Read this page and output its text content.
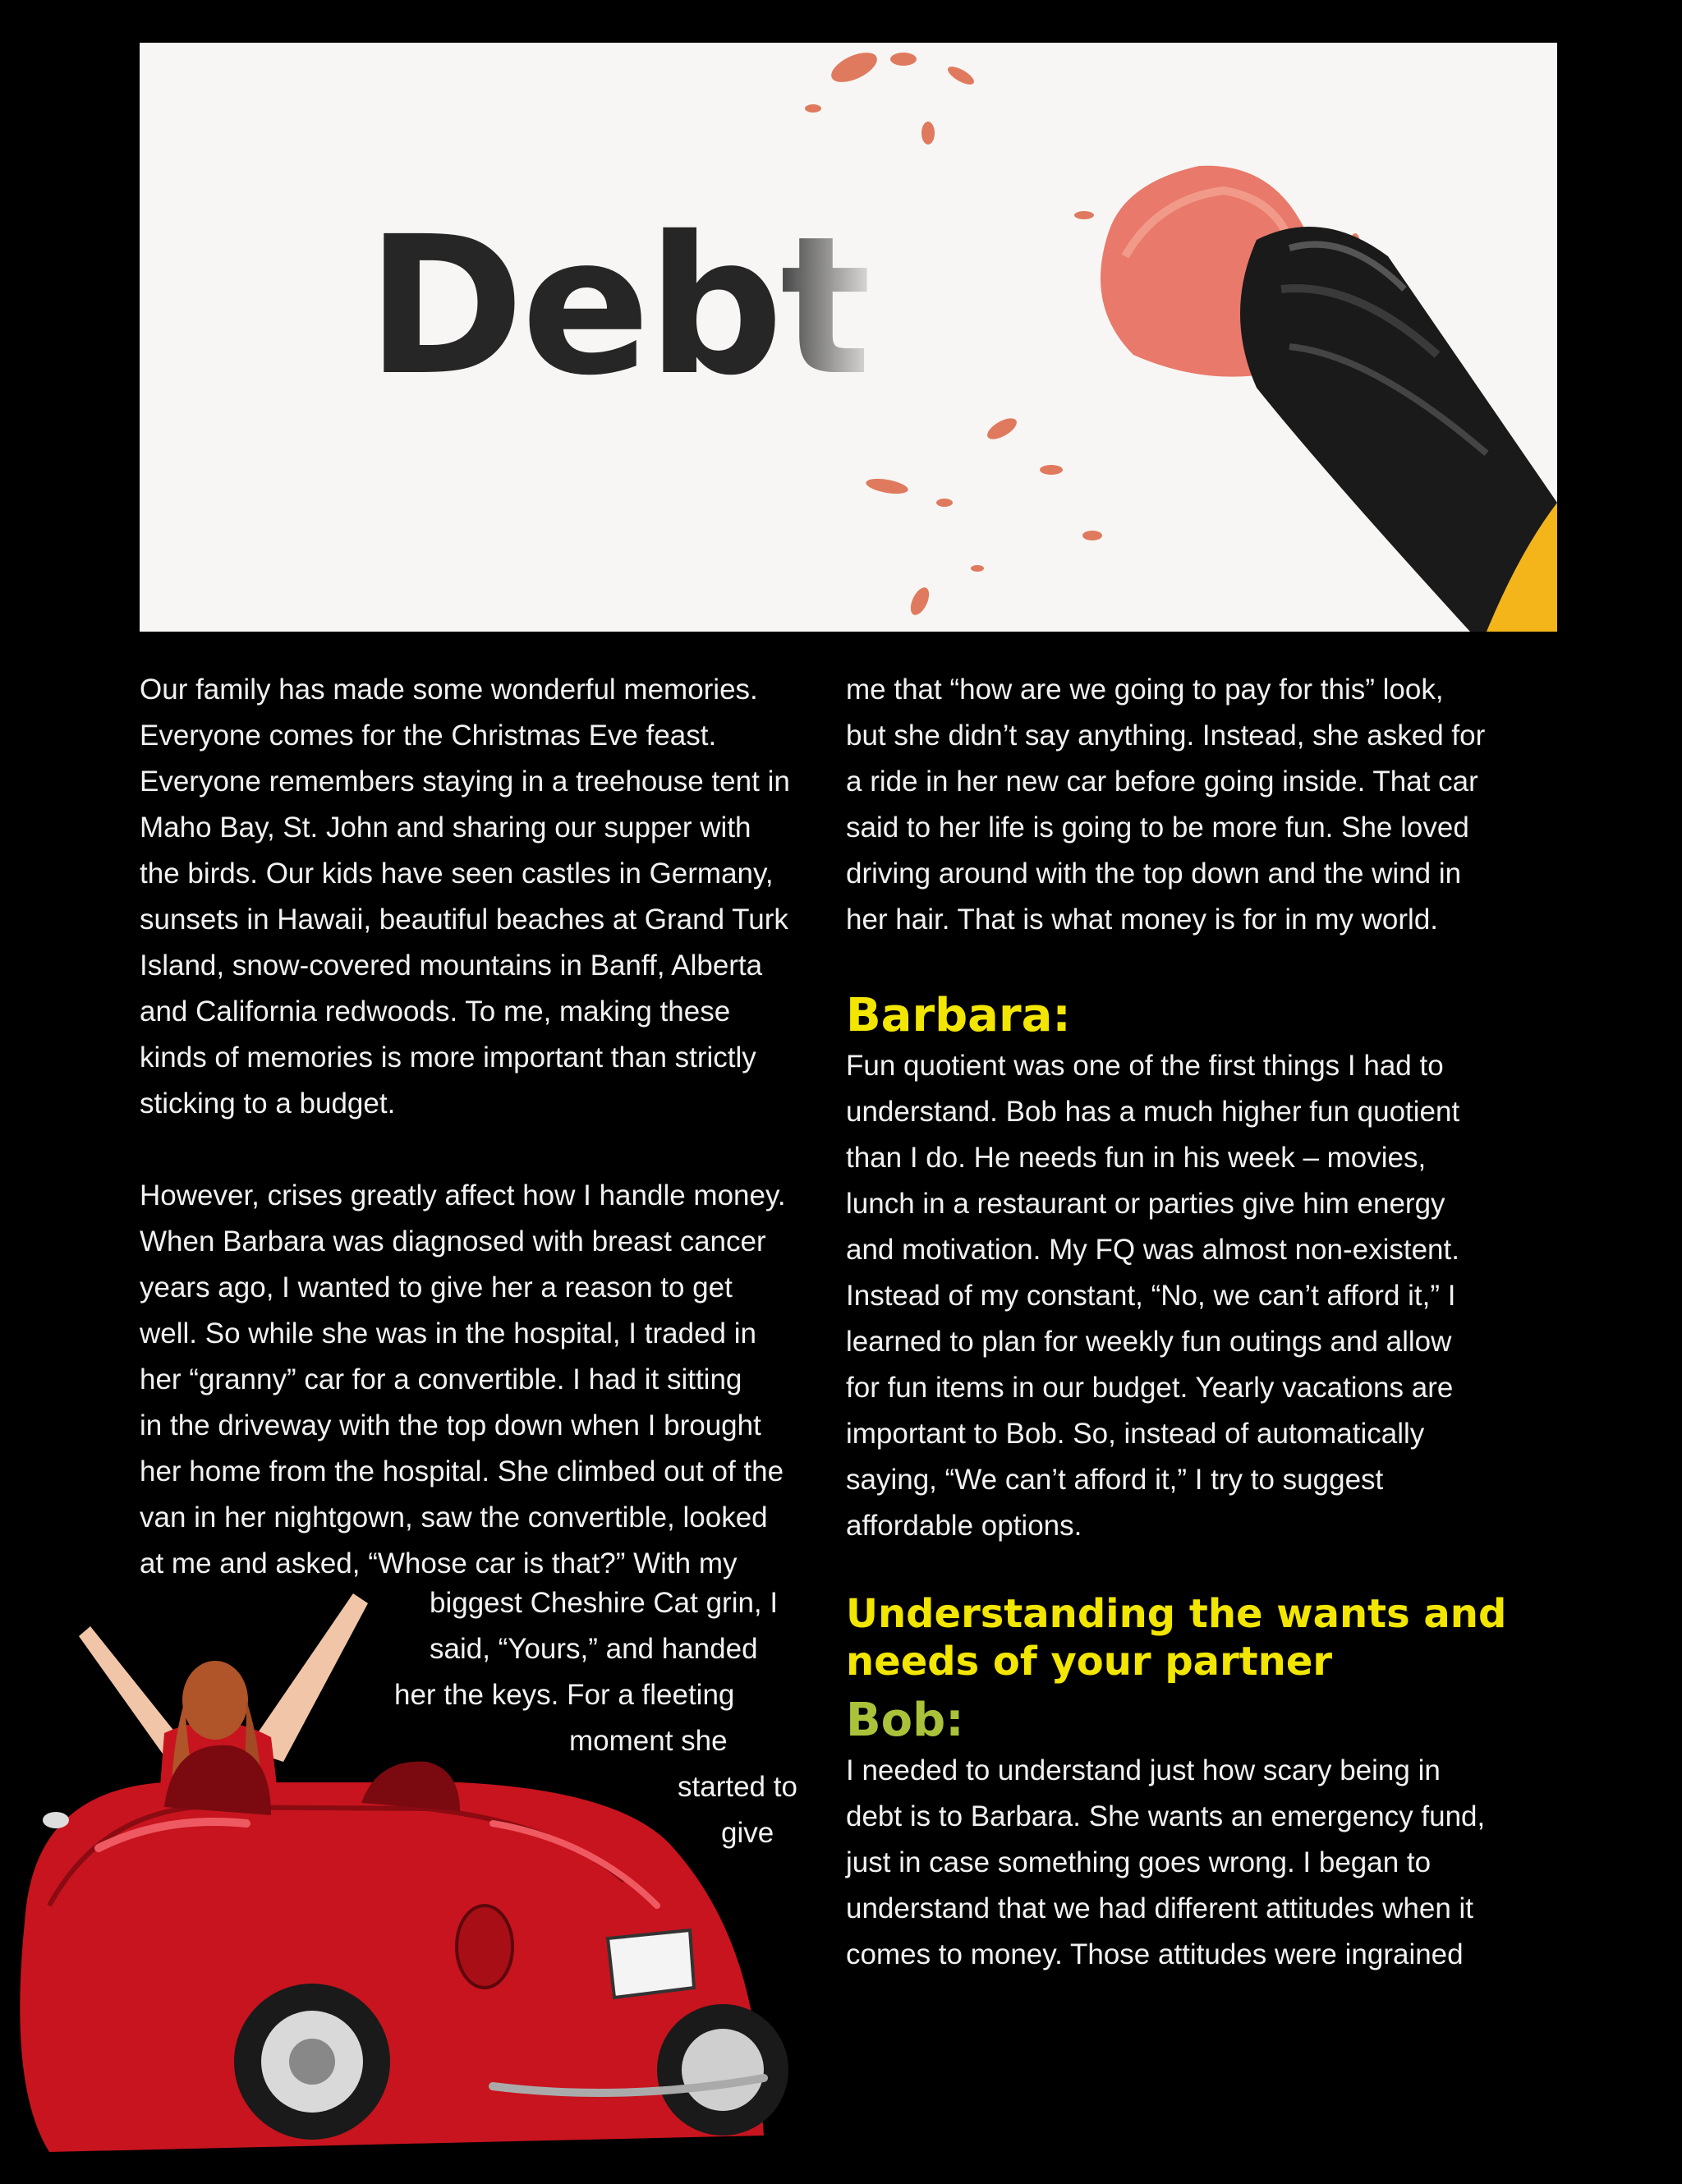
Debt

Our family has made some wonderful memories.
Everyone comes for the Christmas Eve feast.
Everyone remembers staying in a treehouse tent in
Maho Bay, St. John and sharing our supper with
the birds. Our kids have seen castles in Germany,
sunsets in Hawaii, beautiful beaches at Grand Turk
Island, snow-covered mountains in Banff, Alberta
and California redwoods. To me, making these
kinds of memories is more important than strictly
sticking to a budget.

However, crises greatly affect how I handle money.
When Barbara was diagnosed with breast cancer
years ago, I wanted to give her a reason to get
well. So while she was in the hospital, I traded in
her “granny” car for a convertible. I had it sitting
in the driveway with the top down when I brought
her home from the hospital. She climbed out of the
van in her nightgown, saw the convertible, looked
at me and asked, “Whose car is that?” With my

biggest Cheshire Cat grin, I
said, “Yours,” and handed
her the keys. For a fleeting
moment she
started to
give

me that “how are we going to pay for this” look,
but she didn’t say anything. Instead, she asked for
a ride in her new car before going inside. That car
said to her life is going to be more fun. She loved
driving around with the top down and the wind in
her hair. That is what money is for in my world.

Barbara:

Fun quotient was one of the first things I had to
understand. Bob has a much higher fun quotient
than I do. He needs fun in his week – movies,
lunch in a restaurant or parties give him energy
and motivation. My FQ was almost non-existent.
Instead of my constant, “No, we can’t afford it,” I
learned to plan for weekly fun outings and allow
for fun items in our budget. Yearly vacations are
important to Bob. So, instead of automatically
saying, “We can’t afford it,” I try to suggest
affordable options.

Understanding the wants and
needs of your partner
Bob:

I needed to understand just how scary being in
debt is to Barbara. She wants an emergency fund,
just in case something goes wrong. I began to
understand that we had different attitudes when it
comes to money. Those attitudes were ingrained
